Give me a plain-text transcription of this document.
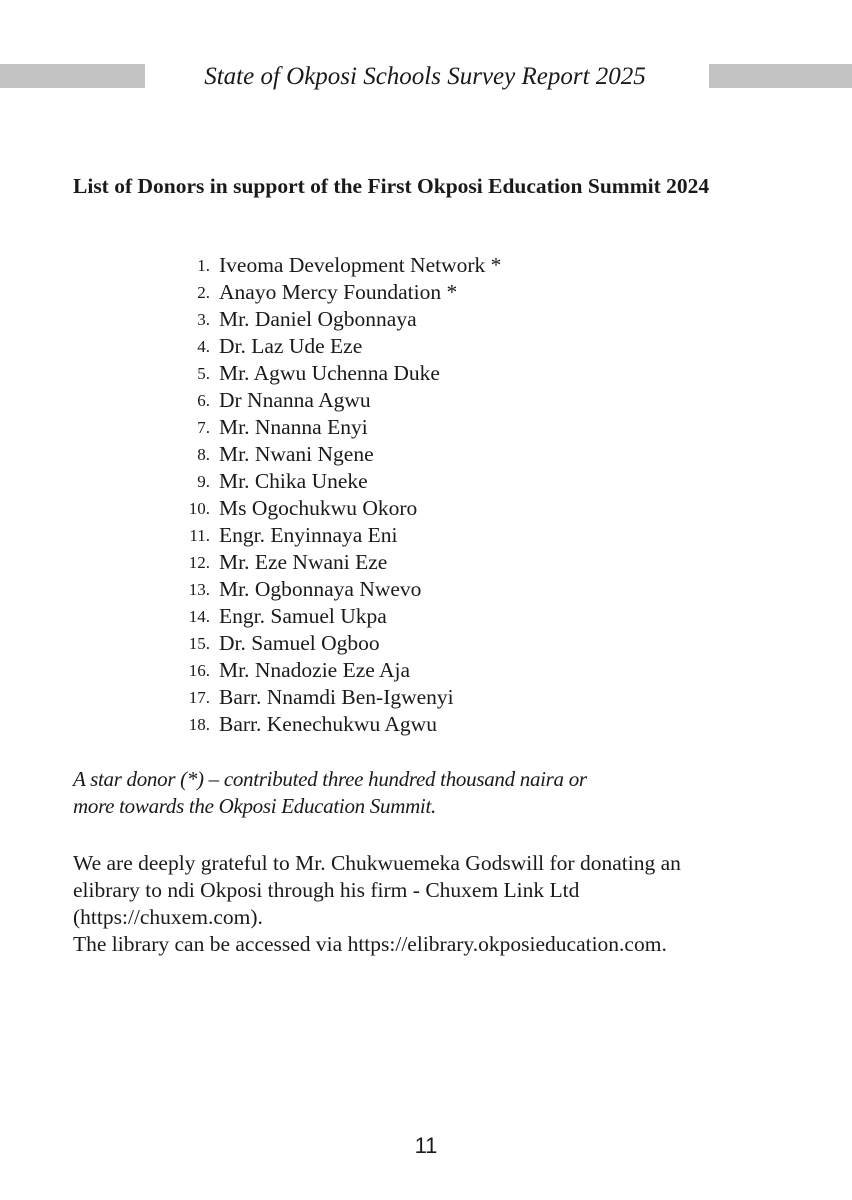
State of Okposi Schools Survey Report 2025
List of Donors in support of the First Okposi Education Summit 2024
1. Iveoma Development Network *
2. Anayo Mercy Foundation *
3. Mr. Daniel Ogbonnaya
4. Dr. Laz Ude Eze
5. Mr. Agwu Uchenna Duke
6. Dr Nnanna Agwu
7. Mr. Nnanna Enyi
8. Mr. Nwani Ngene
9. Mr. Chika Uneke
10. Ms Ogochukwu Okoro
11. Engr. Enyinnaya Eni
12. Mr. Eze Nwani Eze
13. Mr. Ogbonnaya Nwevo
14. Engr. Samuel Ukpa
15. Dr. Samuel Ogboo
16. Mr. Nnadozie Eze Aja
17. Barr. Nnamdi Ben-Igwenyi
18. Barr. Kenechukwu Agwu
A star donor (*) – contributed three hundred thousand naira or
more towards the Okposi Education Summit.

We are deeply grateful to Mr. Chukwuemeka Godswill for donating an

elibrary to ndi Okposi through his firm - Chuxem Link Ltd

(https://chuxem.com).

The library can be accessed via https://elibrary.okposieducation.com.

11
